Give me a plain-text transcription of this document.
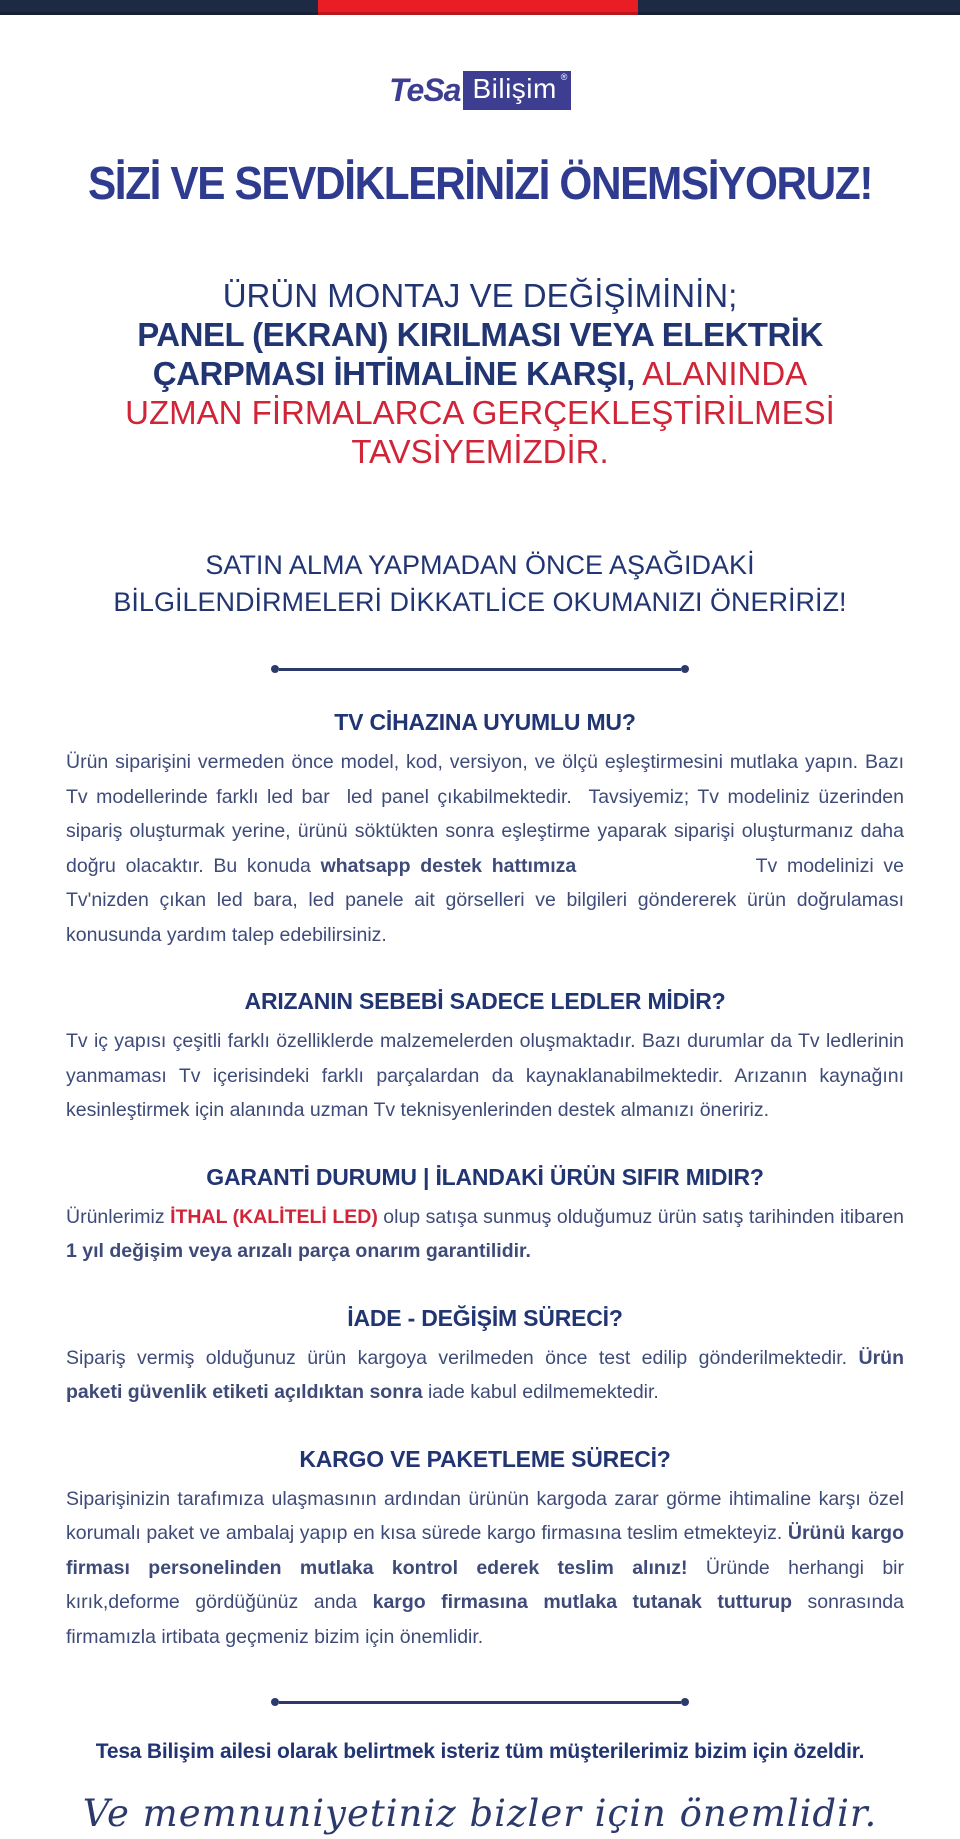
TeSa Bilişim ®
SİZİ VE SEVDİKLERİNİZİ ÖNEMSİYORUZ!
ÜRÜN MONTAJ VE DEĞİŞİMİNİN;
PANEL (EKRAN) KIRILMASI VEYA ELEKTRİK
ÇARPMASI İHTİMALİNE KARŞI, ALANINDA
UZMAN FİRMALARCA GERÇEKLEŞTİRİLMESİ
TAVSİYEMİZDİR.
SATIN ALMA YAPMADAN ÖNCE AŞAĞIDAKİ
BİLGİLENDİRMELERİ DİKKATLİCE OKUMANIZI ÖNERİRİZ!
TV CİHAZINA UYUMLU MU?

Ürün siparişini vermeden önce model, kod, versiyon, ve ölçü eşleştirmesini mutlaka yapın. Bazı Tv modellerinde farklı led bar  led panel çıkabilmektedir.  Tavsiyemiz; Tv modeliniz üzerinden sipariş oluşturmak yerine, ürünü söktükten sonra eşleştirme yaparak siparişi oluşturmanız daha doğru olacaktır. Bu konuda whatsapp destek hattımıza	Tv modelinizi ve Tv'nizden çıkan led bara, led panele ait görselleri ve bilgileri göndererek ürün doğrulaması konusunda yardım talep edebilirsiniz.

ARIZANIN SEBEBİ SADECE LEDLER MİDİR?

Tv iç yapısı çeşitli farklı özelliklerde malzemelerden oluşmaktadır. Bazı durumlar da Tv ledlerinin yanmaması Tv içerisindeki farklı parçalardan da kaynaklanabilmektedir. Arızanın kaynağını kesinleştirmek için alanında uzman Tv teknisyenlerinden destek almanızı öneririz.

GARANTİ DURUMU | İLANDAKİ ÜRÜN SIFIR MIDIR?

Ürünlerimiz İTHAL (KALİTELİ LED) olup satışa sunmuş olduğumuz ürün satış tarihinden itibaren 1 yıl değişim veya arızalı parça onarım garantilidir.

İADE - DEĞİŞİM SÜRECİ?

Sipariş vermiş olduğunuz ürün kargoya verilmeden önce test edilip gönderilmektedir. Ürün paketi güvenlik etiketi açıldıktan sonra iade kabul edilmemektedir.

KARGO VE PAKETLEME SÜRECİ?

Siparişinizin tarafımıza ulaşmasının ardından ürünün kargoda zarar görme ihtimaline karşı özel korumalı paket ve ambalaj yapıp en kısa sürede kargo firmasına teslim etmekteyiz. Ürünü kargo firması personelinden mutlaka kontrol ederek teslim alınız! Üründe herhangi bir kırık,deforme gördüğünüz anda kargo firmasına mutlaka tutanak tutturup sonrasında firmamızla irtibata geçmeniz bizim için önemlidir.

Tesa Bilişim ailesi olarak belirtmek isteriz tüm müşterilerimiz bizim için özeldir.

Ve memnuniyetiniz bizler için önemlidir.
